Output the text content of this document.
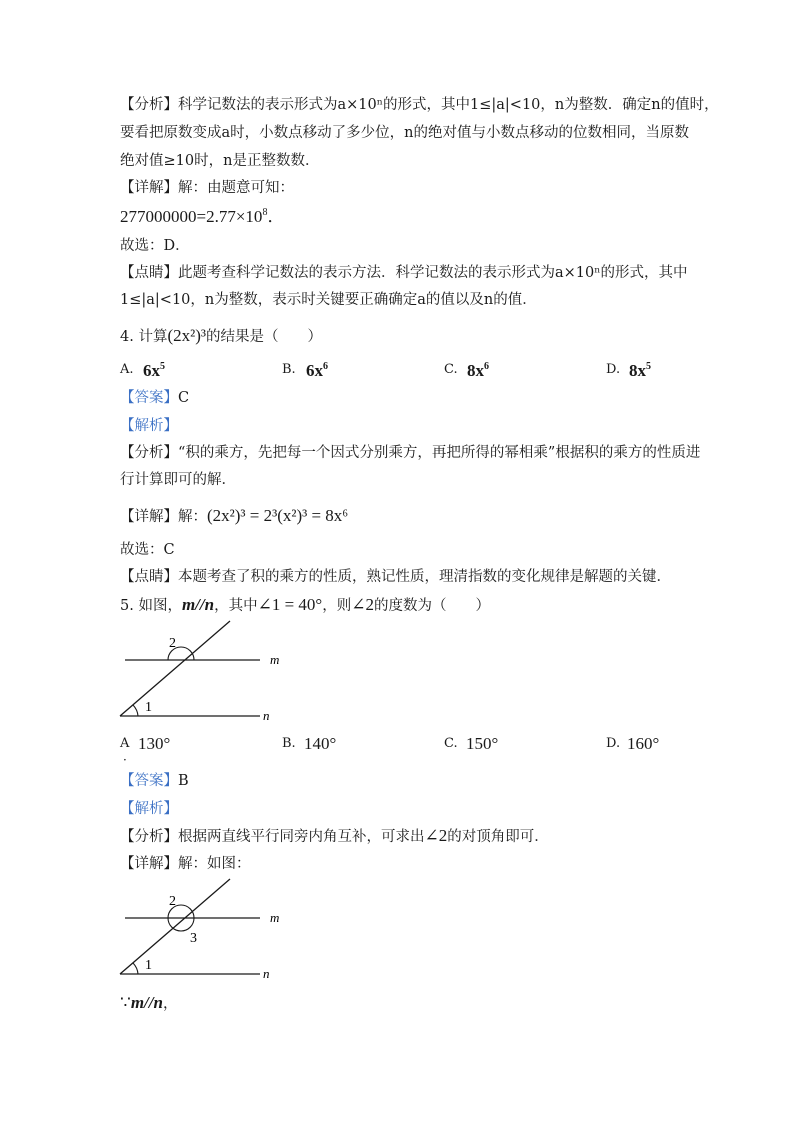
【分析】科学记数法的表示形式为a×10ⁿ的形式，其中1≤|a|<10，n为整数．确定n的值时，
要看把原数变成a时，小数点移动了多少位，n的绝对值与小数点移动的位数相同，当原数
绝对值≥10时，n是正整数数．
【详解】解：由题意可知：
$277000000=2.77\times 10^8$．
故选：D．
【点睛】此题考查科学记数法的表示方法．科学记数法的表示形式为a×10ⁿ的形式，其中
1≤|a|<10，n为整数，表示时关键要正确确定a的值以及n的值．
4. 计算(2x²)³的结果是（　　）
A. $6x^5$	B. $6x^6$	C. $8x^6$	D. $8x^5$
【答案】C
【解析】
【分析】“积的乘方，先把每一个因式分别乘方，再把所得的幂相乘”根据积的乘方的性质进
行计算即可的解．
【详解】解：(2x²)³ = 2³(x²)³ = 8x⁶
故选：C
【点睛】本题考查了积的乘方的性质，熟记性质，理清指数的变化规律是解题的关键．
5. 如图，m//n，其中∠1 = 40°，则∠2的度数为（　　）
2
1
m
n
A 130°	B. 140°	C. 150°	D. 160°
·
【答案】B
【解析】
【分析】根据两直线平行同旁内角互补，可求出∠2的对顶角即可．
【详解】解：如图：
2
3
1
m
n
∵m//n，
